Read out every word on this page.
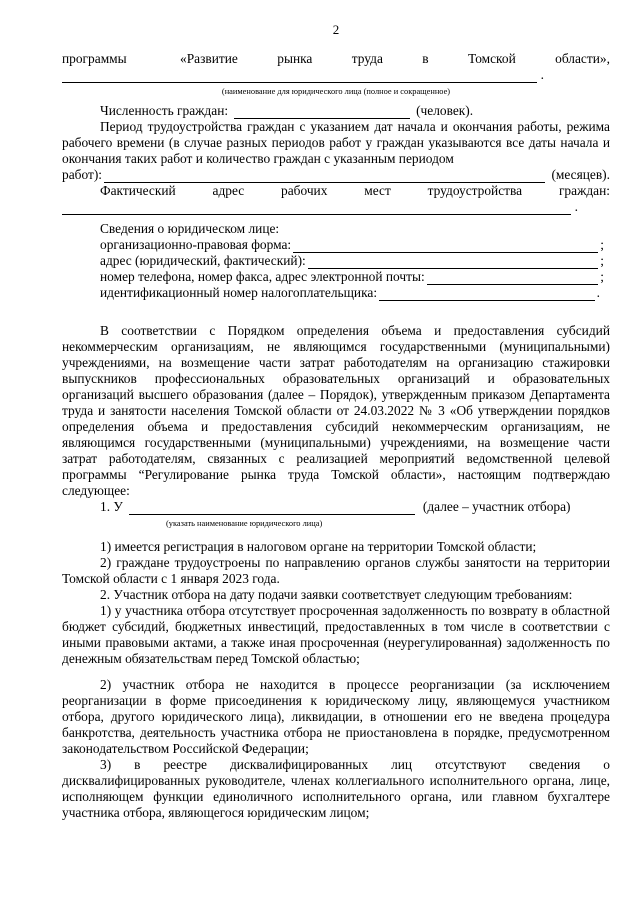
2
программы	«Развитие	рынка	труда	в	Томской	области»,
.
(наименование для юридического лица (полное и сокращенное)
Численность граждан:	(человек).
Период трудоустройства граждан с указанием дат начала и окончания работы, режима рабочего времени (в случае разных периодов работ у граждан указываются все даты начала и окончания таких работ и количество граждан с указанным периодом
работ):	(месяцев).
Фактический	адрес	рабочих	мест	трудоустройства	граждан:
.
Сведения о юридическом лице:
организационно-правовая форма:	;
адрес (юридический, фактический):	;
номер телефона, номер факса, адрес электронной почты:	;
идентификационный номер налогоплательщика:	.
В соответствии с Порядком определения объема и предоставления субсидий некоммерческим организациям, не являющимся государственными (муниципальными) учреждениями, на возмещение части затрат работодателям на организацию стажировки выпускников профессиональных образовательных организаций и образовательных организаций высшего образования (далее – Порядок), утвержденным приказом Департамента труда и занятости населения Томской области от 24.03.2022 № 3 «Об утверждении порядков определения объема и предоставления субсидий некоммерческим организациям, не являющимся государственными (муниципальными) учреждениями, на возмещение части затрат работодателям, связанных с реализацией мероприятий ведомственной целевой программы “Регулирование рынка труда Томской области», настоящим подтверждаю следующее:
1. У	(далее – участник отбора)
(указать наименование юридического лица)
1) имеется регистрация в налоговом органе на территории Томской области;
2) граждане трудоустроены по направлению органов службы занятости на территории Томской области с 1 января 2023 года.
2. Участник отбора на дату подачи заявки соответствует следующим требованиям:
1) у участника отбора отсутствует просроченная задолженность по возврату в областной бюджет субсидий, бюджетных инвестиций, предоставленных в том числе в соответствии с иными правовыми актами, а также иная просроченная (неурегулированная) задолженность по денежным обязательствам перед Томской областью;
2) участник отбора не находится в процессе реорганизации (за исключением реорганизации в форме присоединения к юридическому лицу, являющемуся участником отбора, другого юридического лица), ликвидации, в отношении его не введена процедура банкротства, деятельность участника отбора не приостановлена в порядке, предусмотренном законодательством Российской Федерации;
3) в реестре дисквалифицированных лиц отсутствуют сведения о дисквалифицированных руководителе, членах коллегиального исполнительного органа, лице, исполняющем функции единоличного исполнительного органа, или главном бухгалтере участника отбора, являющегося юридическим лицом;
